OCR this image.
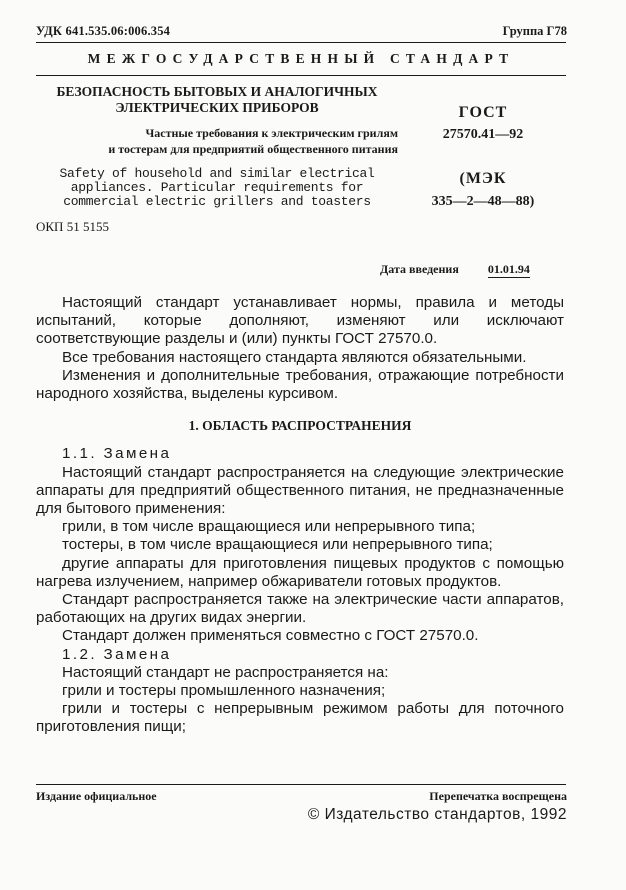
УДК 641.535.06:006.354	Группа Г78
МЕЖГОСУДАРСТВЕННЫЙ СТАНДАРТ
БЕЗОПАСНОСТЬ БЫТОВЫХ И АНАЛОГИЧНЫХ
ЭЛЕКТРИЧЕСКИХ ПРИБОРОВ
Частные требования к электрическим грилям
и тостерам для предприятий общественного питания
Safety of household and similar electrical
appliances. Particular requirements for
commercial electric grillers and toasters
ОКП 51 5155
ГОСТ
27570.41—92
(МЭК
335—2—48—88)
Дата введения 01.01.94

Настоящий стандарт устанавливает нормы, правила и методы испытаний, которые дополняют, изменяют или исключают соответствующие разделы и (или) пункты ГОСТ 27570.0.

Все требования настоящего стандарта являются обязательными.

Изменения и дополнительные требования, отражающие потребности народного хозяйства, выделены курсивом.

1. ОБЛАСТЬ РАСПРОСТРАНЕНИЯ

1.1. Замена

Настоящий стандарт распространяется на следующие электрические аппараты для предприятий общественного питания, не предназначенные для бытового применения:

грили, в том числе вращающиеся или непрерывного типа;

тостеры, в том числе вращающиеся или непрерывного типа;

другие аппараты для приготовления пищевых продуктов с помощью нагрева излучением, например обжариватели готовых продуктов.

Стандарт распространяется также на электрические части аппаратов, работающих на других видах энергии.

Стандарт должен применяться совместно с ГОСТ 27570.0.

1.2. Замена

Настоящий стандарт не распространяется на:

грили и тостеры промышленного назначения;

грили и тостеры с непрерывным режимом работы для поточного приготовления пищи;

Издание официальное	Перепечатка воспрещена
© Издательство стандартов, 1992
